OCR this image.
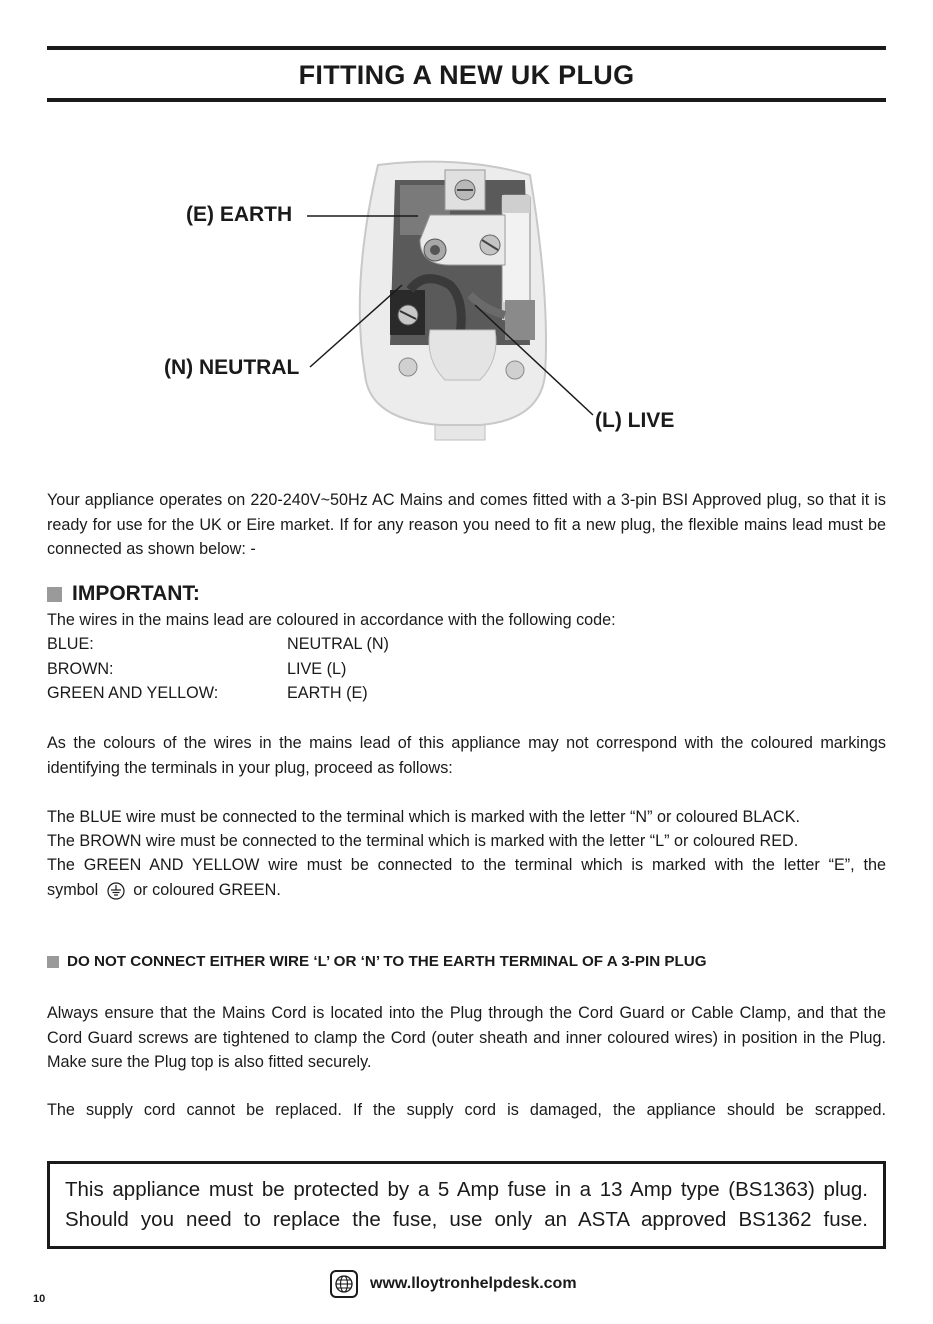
FITTING A NEW UK PLUG
(E) EARTH
(N) NEUTRAL
(L) LIVE

Your appliance operates on 220-240V~50Hz AC Mains and comes fitted with a 3-pin BSI Approved plug, so that it is ready for use for the UK or Eire market. If for any reason you need to fit a new plug, the flexible mains lead must be connected as shown below: -

IMPORTANT:

The wires in the mains lead are coloured in accordance with the following code:

BLUE:	NEUTRAL (N)
BROWN:	LIVE (L)
GREEN AND YELLOW:	EARTH (E)

As the colours of the wires in the mains lead of this appliance may not correspond with the coloured markings identifying the terminals in your plug, proceed as follows:

The BLUE wire must be connected to the terminal which is marked with the letter “N” or coloured BLACK.

The BROWN wire must be connected to the terminal which is marked with the letter “L” or coloured RED.

The GREEN AND YELLOW wire must be connected to the terminal which is marked with the letter “E”, the

symbol or coloured GREEN.
DO NOT CONNECT EITHER WIRE ‘L’ OR ‘N’ TO THE EARTH TERMINAL OF A 3-PIN PLUG

Always ensure that the Mains Cord is located into the Plug through the Cord Guard or Cable Clamp, and that the Cord Guard screws are tightened to clamp the Cord (outer sheath and inner coloured wires) in position in the Plug. Make sure the Plug top is also fitted securely.

The supply cord cannot be replaced. If the supply cord is damaged, the appliance should be scrapped.

This appliance must be protected by a 5 Amp fuse in a 13 Amp type (BS1363) plug.
Should you need to replace the fuse, use only an ASTA approved BS1362 fuse.
www.lloytronhelpdesk.com
10
